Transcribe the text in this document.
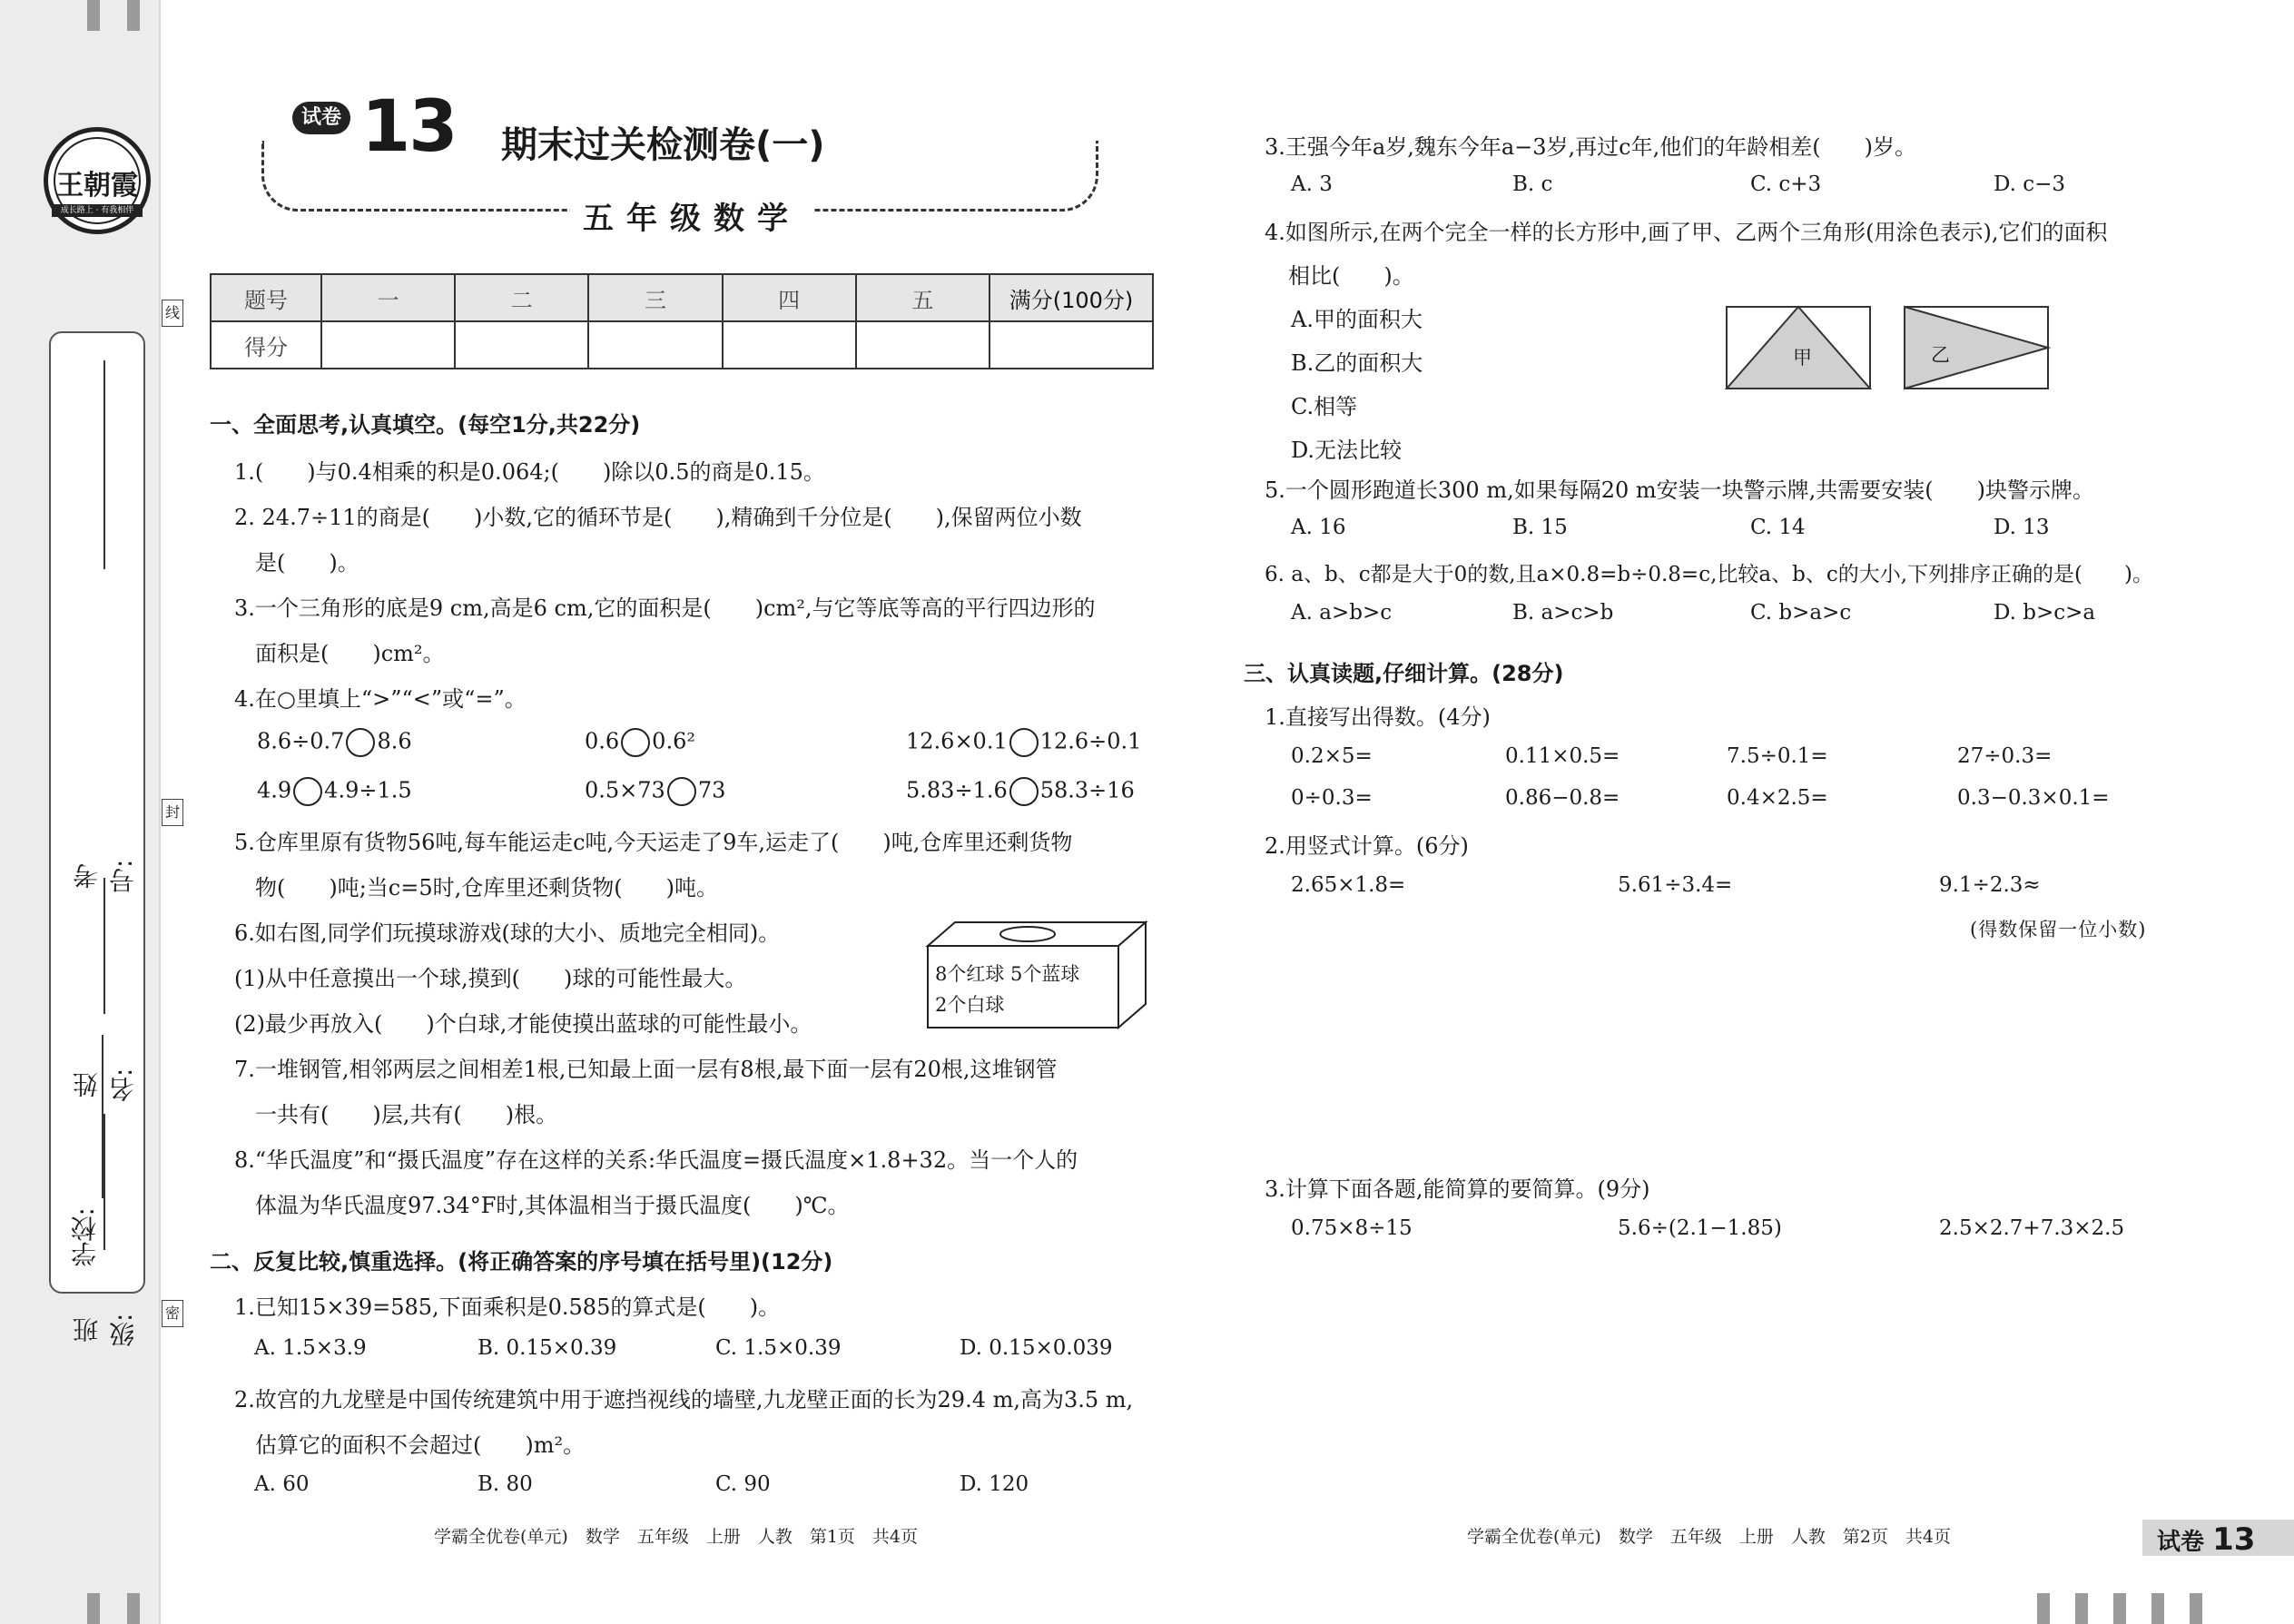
王朝霞
成长路上 · 有我相伴
线
封
密
考号:
姓名:
班级:
学校:
试卷 13 期末过关检测卷(一)
五年级数学
题号	一	二	三	四	五	满分(100分)
得分						
一、全面思考,认真填空。(每空1分,共22分)
1.(　　)与0.4相乘的积是0.064;(　　)除以0.5的商是0.15。
2. 24.7÷11的商是(　　)小数,它的循环节是(　　),精确到千分位是(　　),保留两位小数
是(　　)。
3.一个三角形的底是9 cm,高是6 cm,它的面积是(　　)cm²,与它等底等高的平行四边形的
面积是(　　)cm²。
4.在○里填上“>”“<”或“=”。
8.6÷0.7 8.6	0.6 0.6²	12.6×0.1 12.6÷0.1
4.9 4.9÷1.5	0.5×73 73	5.83÷1.6 58.3÷16
5.仓库里原有货物56吨,每车能运走c吨,今天运走了9车,运走了(　　)吨,仓库里还剩货物
物(　　)吨;当c=5时,仓库里还剩货物(　　)吨。
6.如右图,同学们玩摸球游戏(球的大小、质地完全相同)。
(1)从中任意摸出一个球,摸到(　　)球的可能性最大。
(2)最少再放入(　　)个白球,才能使摸出蓝球的可能性最小。
8个红球 5个蓝球
2个白球
7.一堆钢管,相邻两层之间相差1根,已知最上面一层有8根,最下面一层有20根,这堆钢管
一共有(　　)层,共有(　　)根。
8.“华氏温度”和“摄氏温度”存在这样的关系:华氏温度=摄氏温度×1.8+32。当一个人的
体温为华氏温度97.34°F时,其体温相当于摄氏温度(　　)℃。
二、反复比较,慎重选择。(将正确答案的序号填在括号里)(12分)
1.已知15×39=585,下面乘积是0.585的算式是(　　)。
A. 1.5×3.9	B. 0.15×0.39	C. 1.5×0.39	D. 0.15×0.039
2.故宫的九龙壁是中国传统建筑中用于遮挡视线的墙壁,九龙壁正面的长为29.4 m,高为3.5 m,
估算它的面积不会超过(　　)m²。
A. 60	B. 80	C. 90	D. 120
学霸全优卷(单元)　数学　五年级　上册　人教　第1页　共4页
3.王强今年a岁,魏东今年a−3岁,再过c年,他们的年龄相差(　　)岁。
A. 3	B. c	C. c+3	D. c−3
4.如图所示,在两个完全一样的长方形中,画了甲、乙两个三角形(用涂色表示),它们的面积
相比(　　)。
A.甲的面积大
B.乙的面积大
C.相等
D.无法比较
甲	乙
5.一个圆形跑道长300 m,如果每隔20 m安装一块警示牌,共需要安装(　　)块警示牌。
A. 16	B. 15	C. 14	D. 13
6. a、b、c都是大于0的数,且a×0.8=b÷0.8=c,比较a、b、c的大小,下列排序正确的是(　　)。
A. a>b>c	B. a>c>b	C. b>a>c	D. b>c>a
三、认真读题,仔细计算。(28分)
1.直接写出得数。(4分)
0.2×5=	0.11×0.5=	7.5÷0.1=	27÷0.3=
0÷0.3=	0.86−0.8=	0.4×2.5=	0.3−0.3×0.1=
2.用竖式计算。(6分)
2.65×1.8=	5.61÷3.4=	9.1÷2.3≈
(得数保留一位小数)
3.计算下面各题,能简算的要简算。(9分)
0.75×8÷15	5.6÷(2.1−1.85)	2.5×2.7+7.3×2.5
学霸全优卷(单元)　数学　五年级　上册　人教　第2页　共4页	试卷 13
